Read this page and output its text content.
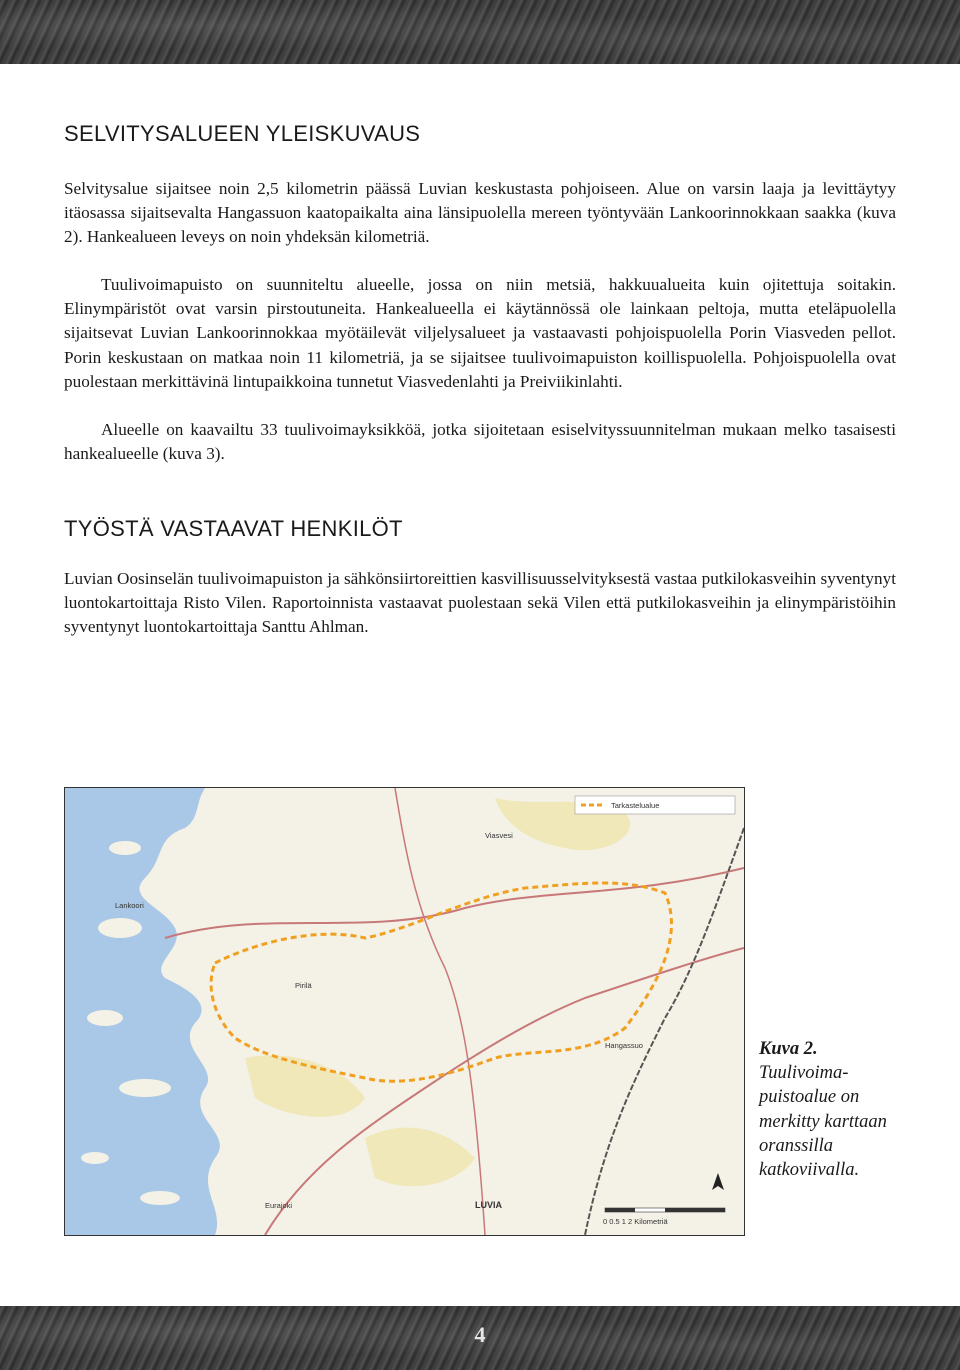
SELVITYSALUEEN YLEISKUVAUS

Selvitysalue sijaitsee noin 2,5 kilometrin päässä Luvian keskustasta pohjoiseen. Alue on varsin laaja ja levittäytyy itäosassa sijaitsevalta Hangassuon kaatopaikalta aina länsipuolella mereen työntyvään Lankoorinnokkaan saakka (kuva 2). Hankealueen leveys on noin yhdeksän kilometriä.

Tuulivoimapuisto on suunniteltu alueelle, jossa on niin metsiä, hakkuualueita kuin ojitettuja soitakin. Elinympäristöt ovat varsin pirstoutuneita. Hankealueella ei käytännössä ole lainkaan peltoja, mutta eteläpuolella sijaitsevat Luvian Lankoorinnokkaa myötäilevät viljelysalueet ja vastaavasti pohjoispuolella Porin Viasveden pellot. Porin keskustaan on matkaa noin 11 kilometriä, ja se sijaitsee tuulivoimapuiston koillispuolella. Pohjoispuolella ovat puolestaan merkittävinä lintupaikkoina tunnetut Viasvedenlahti ja Preiviikinlahti.

Alueelle on kaavailtu 33 tuulivoimayksikköä, jotka sijoitetaan esiselvityssuunnitelman mukaan melko tasaisesti hankealueelle (kuva 3).

TYÖSTÄ VASTAAVAT HENKILÖT

Luvian Oosinselän tuulivoimapuiston ja sähkönsiirtoreittien kasvillisuusselvityksestä vastaa putkilokasveihin syventynyt luontokartoittaja Risto Vilen. Raportoinnista vastaavat puolestaan sekä Vilen että putkilokasveihin ja elinympäristöihin syventynyt luontokartoittaja Santtu Ahlman.

Tarkastelualue
Lankoori
Hangassuo
Pirilä
Viasvesi
Eurajoki	LUVIA
0 0.5 1 2 Kilometriä
Kuva 2. Tuulivoimapuistoalue on merkitty karttaan oranssilla katkoviivalla.
4
